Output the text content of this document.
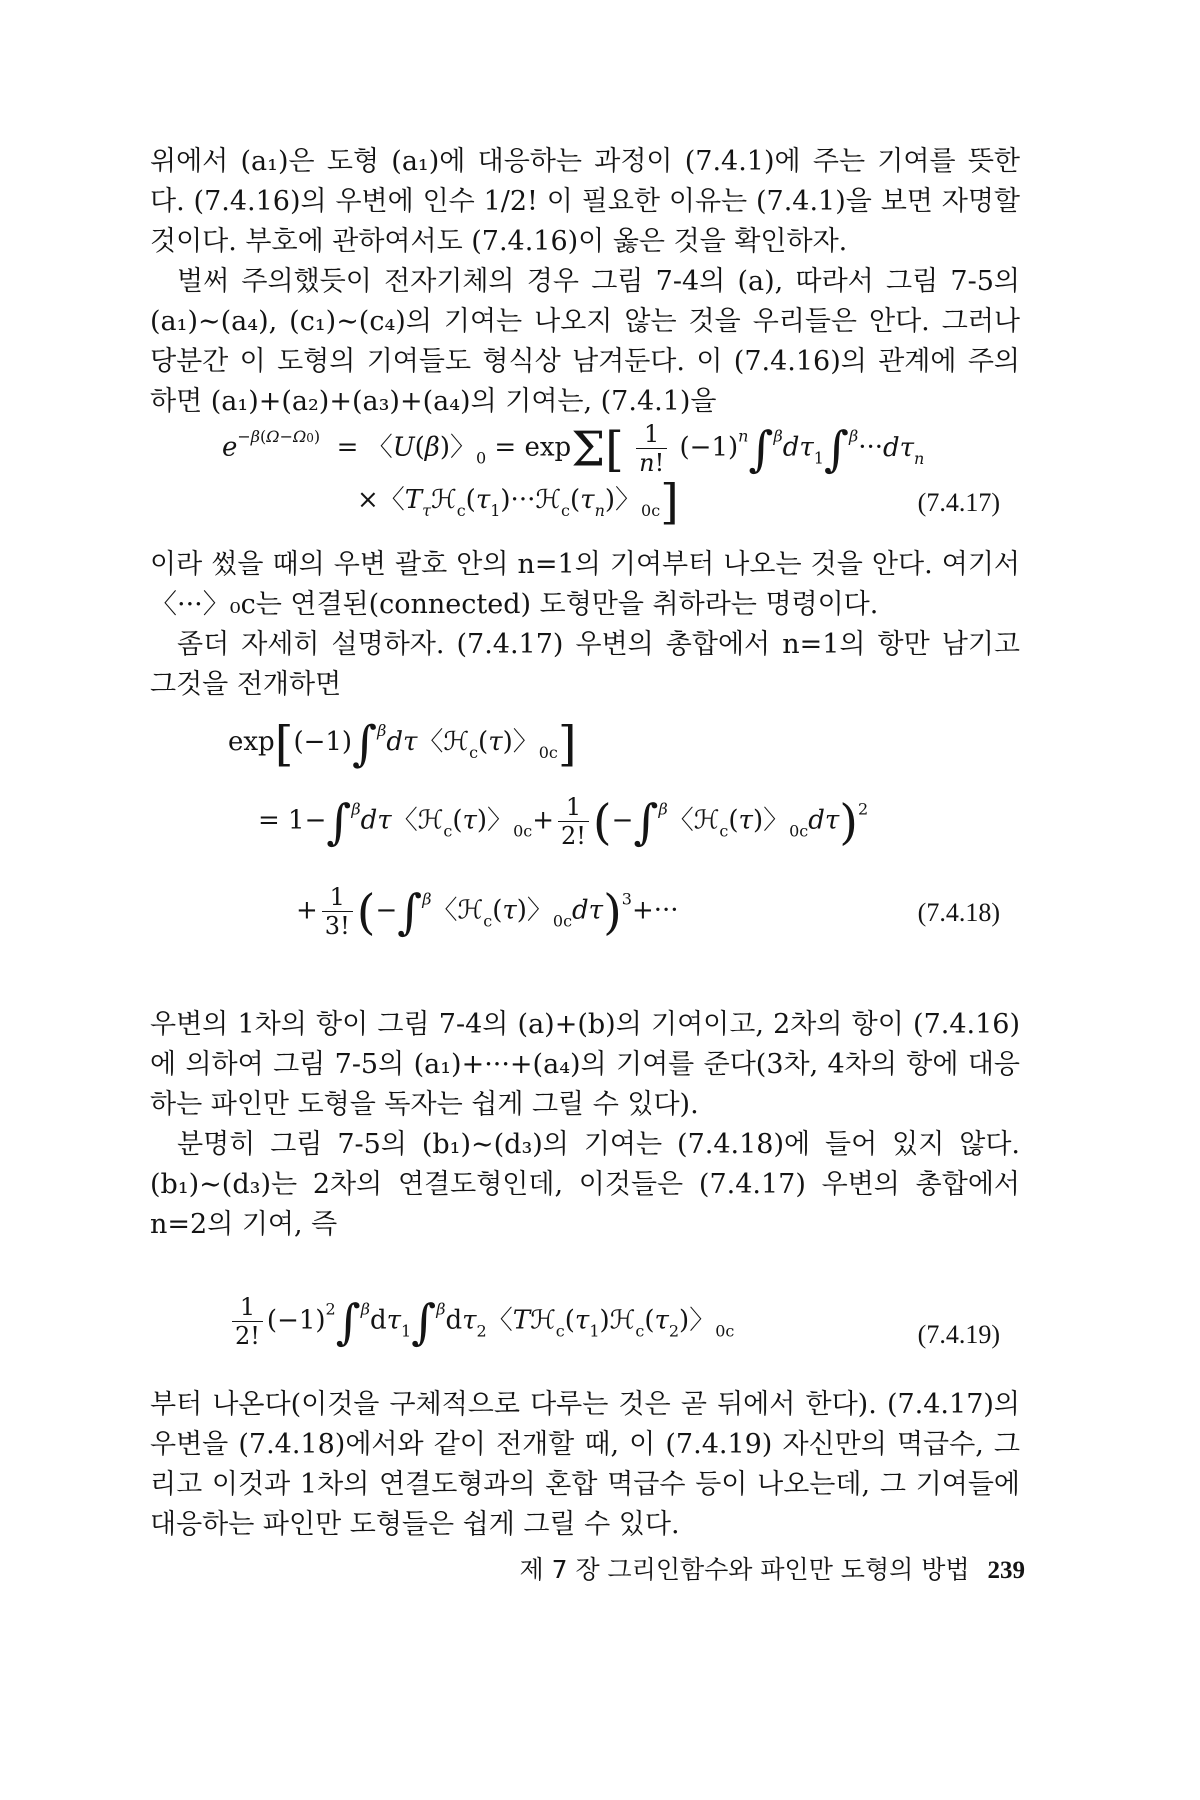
위에서 (a₁)은 도형 (a₁)에 대응하는 과정이 (7.4.1)에 주는 기여를 뜻한다. (7.4.16)의 우변에 인수 1/2! 이 필요한 이유는 (7.4.1)을 보면 자명할 것이다. 부호에 관하여서도 (7.4.16)이 옳은 것을 확인하자.

벌써 주의했듯이 전자기체의 경우 그림 7-4의 (a), 따라서 그림 7-5의 (a₁)∼(a₄), (c₁)∼(c₄)의 기여는 나오지 않는 것을 우리들은 안다. 그러나 당분간 이 도형의 기여들도 형식상 남겨둔다. 이 (7.4.16)의 관계에 주의하면 (a₁)+(a₂)+(a₃)+(a₄)의 기여는, (7.4.1)을

$e^{-\beta(\Omega-\Omega 0)}$  = 〈U(β)〉$_0 = \exp\Sigma[ \frac{1}{n!} (-1)^n\int^\beta d\tau_1\int^\beta\cdot\cdot\cdot d\tau_n$
×〈$T_\tau ℋ_c(\tau_1)\cdot\cdot\cdot ℋ_c(\tau_n)$〉$_{0c}$]	(7.4.17)

이라 썼을 때의 우변 괄호 안의 n=1의 기여부터 나오는 것을 안다. 여기서 〈···〉₀c는 연결된(connected) 도형만을 취하라는 명령이다.

좀더 자세히 설명하자. (7.4.17) 우변의 총합에서 n=1의 항만 남기고 그것을 전개하면

exp[(−1)∫$^\beta$dτ〈ℋ$_c$(τ)〉$_{0c}$]
= 1−∫$^\beta$dτ〈ℋ$_c$(τ)〉$_{0c}+ \frac{1}{2!} (-\int^\beta$〈ℋ$_c$(τ)〉$_{0c}$dτ)$^2$
+ $\frac{1}{3!} (-\int^\beta$〈ℋ$_c$(τ)〉$_{0c}$dτ)$^3$+···	(7.4.18)

우변의 1차의 항이 그림 7-4의 (a)+(b)의 기여이고, 2차의 항이 (7.4.16)에 의하여 그림 7-5의 (a₁)+···+(a₄)의 기여를 준다(3차, 4차의 항에 대응하는 파인만 도형을 독자는 쉽게 그릴 수 있다).

분명히 그림 7-5의 (b₁)∼(d₃)의 기여는 (7.4.18)에 들어 있지 않다. (b₁)∼(d₃)는 2차의 연결도형인데, 이것들은 (7.4.17) 우변의 총합에서 n=2의 기여, 즉

$\frac{1}{2!} (-1)^2\int^\beta d\tau_1\int^\beta d\tau_2$〈$Tℋ_c(\tau_1)ℋ_c(\tau_2)$〉$_{0c}$	(7.4.19)

부터 나온다(이것을 구체적으로 다루는 것은 곧 뒤에서 한다). (7.4.17)의 우변을 (7.4.18)에서와 같이 전개할 때, 이 (7.4.19) 자신만의 멱급수, 그리고 이것과 1차의 연결도형과의 혼합 멱급수 등이 나오는데, 그 기여들에 대응하는 파인만 도형들은 쉽게 그릴 수 있다.

제 7 장 그리인함수와 파인만 도형의 방법 239
